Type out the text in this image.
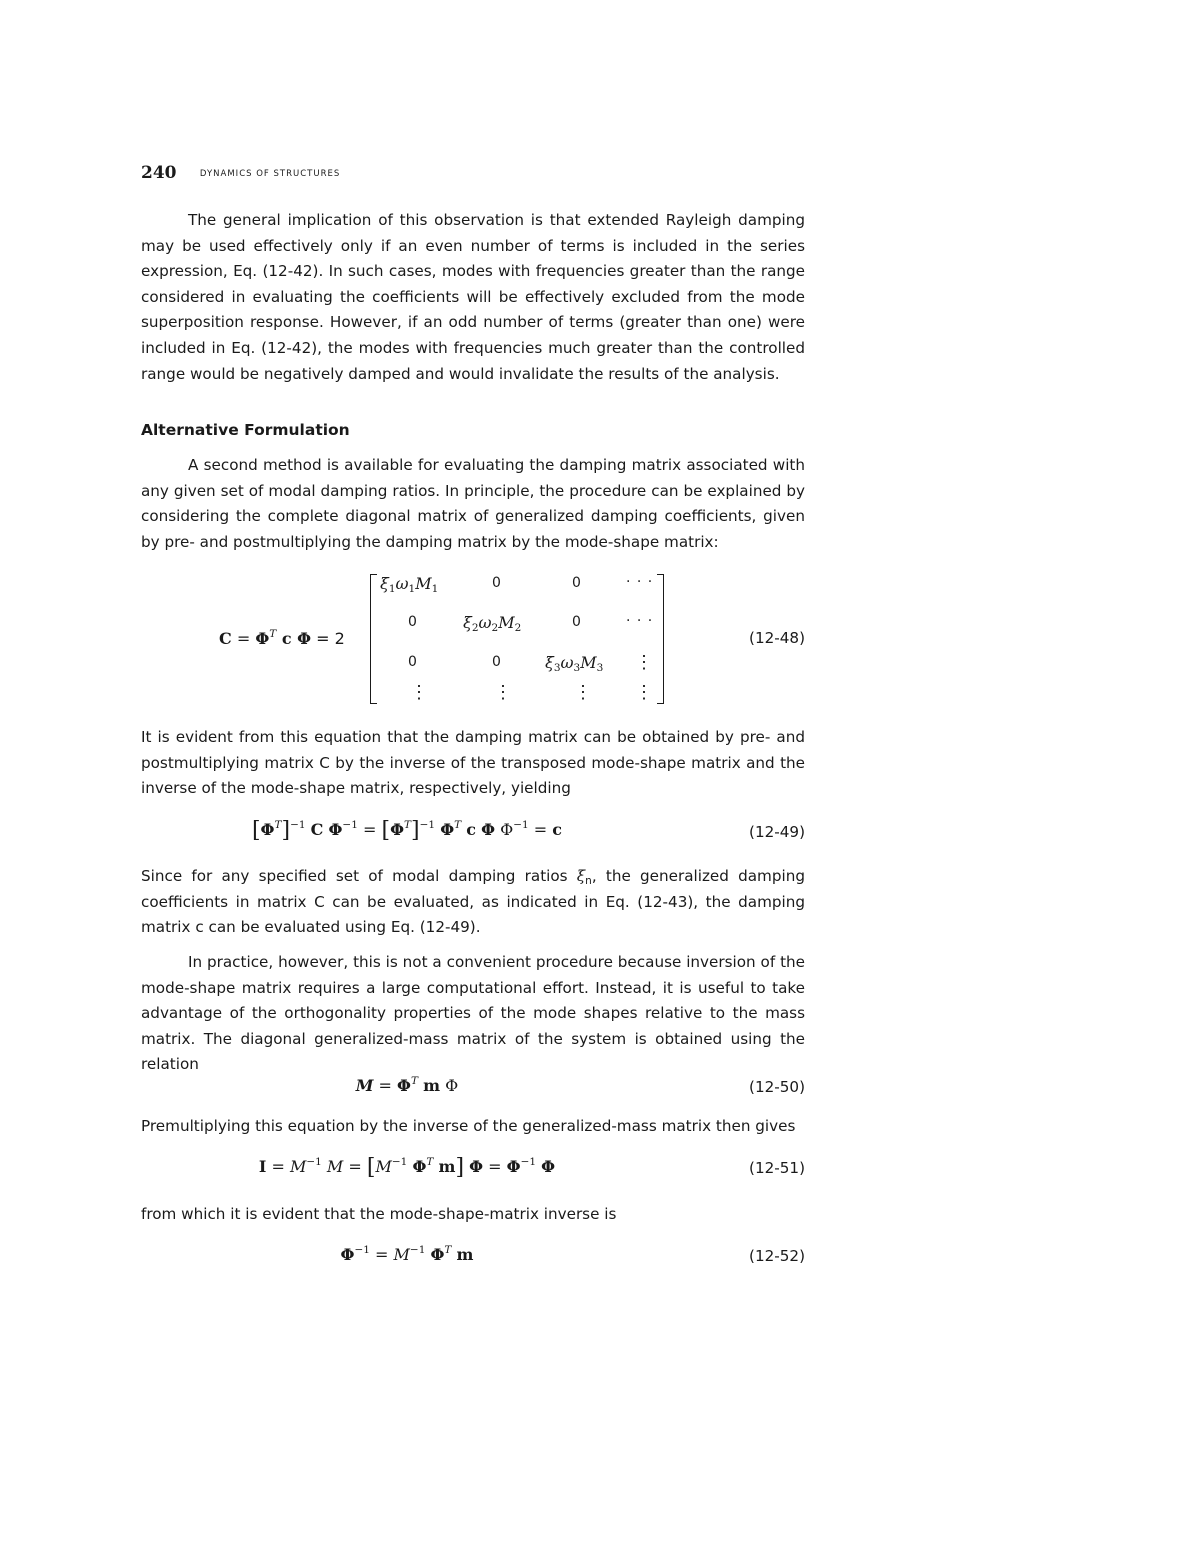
240	DYNAMICS OF STRUCTURES

The general implication of this observation is that extended Rayleigh damping may be used effectively only if an even number of terms is included in the series expression, Eq. (12-42). In such cases, modes with frequencies greater than the range considered in evaluating the coefficients will be effectively excluded from the mode superposition response. However, if an odd number of terms (greater than one) were included in Eq. (12-42), the modes with frequencies much greater than the controlled range would be negatively damped and would invalidate the results of the analysis.

Alternative Formulation

A second method is available for evaluating the damping matrix associated with any given set of modal damping ratios. In principle, the procedure can be explained by considering the complete diagonal matrix of generalized damping coefficients, given by pre- and postmultiplying the damping matrix by the mode-shape matrix:

$C = \Phi^T$ c Φ = 2
$\xi_1\omega_1M_1$	0	0	· · ·
0	$\xi_2\omega_2M_2$	0	· · ·
0	0	$\xi_3\omega_3M_3$ ⋮
⋮	⋮	⋮ ⋮
(12-48)

It is evident from this equation that the damping matrix can be obtained by pre- and postmultiplying matrix C by the inverse of the transposed mode-shape matrix and the inverse of the mode-shape matrix, respectively, yielding

$[\Phi^T]^{-1}$ C $\Phi^{-1} = [\Phi^T]^{-1}$ $\Phi^T$ c Φ $\Phi^{-1} = c$	(12-49)

Since for any specified set of modal damping ratios $\xi_n$, the generalized damping coefficients in matrix C can be evaluated, as indicated in Eq. (12-43), the damping matrix c can be evaluated using Eq. (12-49).

In practice, however, this is not a convenient procedure because inversion of the mode-shape matrix requires a large computational effort. Instead, it is useful to take advantage of the orthogonality properties of the mode shapes relative to the mass matrix. The diagonal generalized-mass matrix of the system is obtained using the relation

$M = \Phi^T$ m Φ	(12-50)

Premultiplying this equation by the inverse of the generalized-mass matrix then gives

$I = M^{-1}$ $M = [M^{-1}$ $\Phi^T$ m] $\Phi = \Phi^{-1}$ Φ	(12-51)

from which it is evident that the mode-shape-matrix inverse is

$\Phi^{-1} = M^{-1}$ $\Phi^T$ m	(12-52)
